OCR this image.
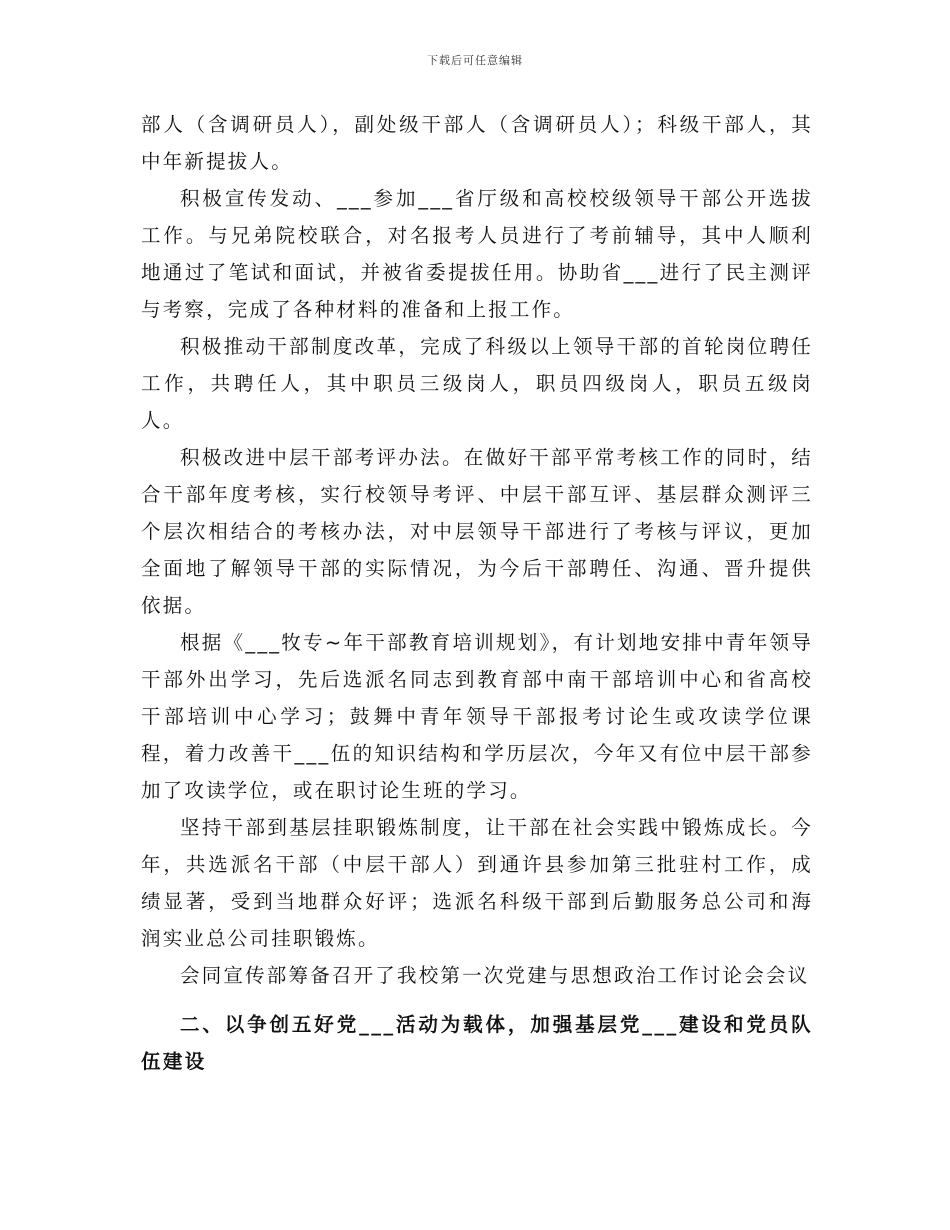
下载后可任意编辑

部人（含调研员人），副处级干部人（含调研员人）；科级干部人，其中年新提拔人。

积极宣传发动、___参加___省厅级和高校校级领导干部公开选拔工作。与兄弟院校联合，对名报考人员进行了考前辅导，其中人顺利地通过了笔试和面试，并被省委提拔任用。协助省___进行了民主测评与考察，完成了各种材料的准备和上报工作。

积极推动干部制度改革，完成了科级以上领导干部的首轮岗位聘任工作，共聘任人，其中职员三级岗人，职员四级岗人，职员五级岗人。

积极改进中层干部考评办法。在做好干部平常考核工作的同时，结合干部年度考核，实行校领导考评、中层干部互评、基层群众测评三个层次相结合的考核办法，对中层领导干部进行了考核与评议，更加全面地了解领导干部的实际情况，为今后干部聘任、沟通、晋升提供依据。

根据《___牧专~年干部教育培训规划》，有计划地安排中青年领导干部外出学习，先后选派名同志到教育部中南干部培训中心和省高校干部培训中心学习；鼓舞中青年领导干部报考讨论生或攻读学位课程，着力改善干___伍的知识结构和学历层次，今年又有位中层干部参加了攻读学位，或在职讨论生班的学习。

坚持干部到基层挂职锻炼制度，让干部在社会实践中锻炼成长。今年，共选派名干部（中层干部人）到通许县参加第三批驻村工作，成绩显著，受到当地群众好评；选派名科级干部到后勤服务总公司和海润实业总公司挂职锻炼。

会同宣传部筹备召开了我校第一次党建与思想政治工作讨论会会议

二、以争创五好党___活动为载体，加强基层党___建设和党员队伍建设
